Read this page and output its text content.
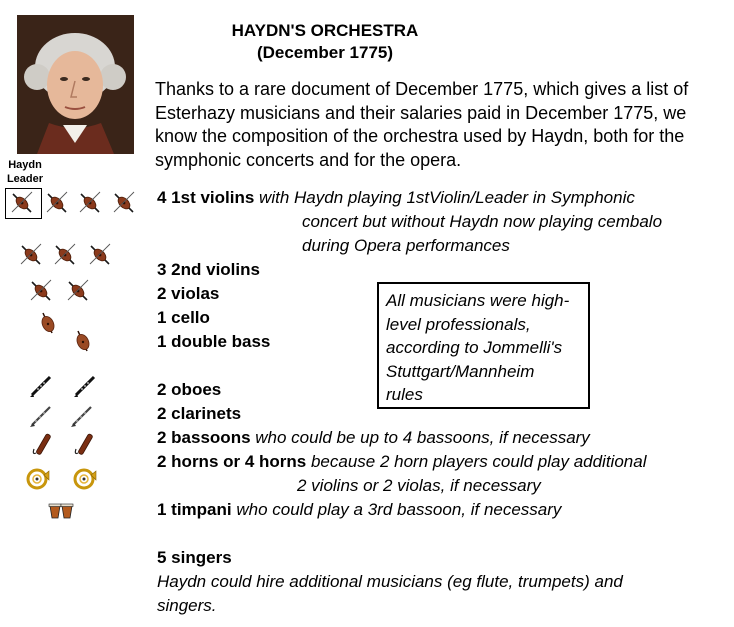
Haydn Leader
HAYDN'S ORCHESTRA
(December 1775)
Thanks to a rare document of December 1775, which gives a list of Esterhazy musicians and their salaries paid in December 1775, we know the composition of the orchestra used by Haydn, both for the symphonic concerts and for the opera.
4 1st violins with Haydn playing 1stViolin/Leader in Symphonic
concert but without Haydn now playing cembalo
during Opera performances
3 2nd violins
2 violas
1 cello
1 double bass
2 oboes
2 clarinets
2 bassoons who could be up to 4 bassoons, if necessary
2 horns or 4 horns because 2 horn players could play additional
2 violins or 2 violas, if necessary
1 timpani who could play a 3rd bassoon, if necessary
5 singers
Haydn could hire additional musicians (eg flute, trumpets) and
singers.
All musicians were high-
level professionals,
according to Jommelli's
Stuttgart/Mannheim
rules
